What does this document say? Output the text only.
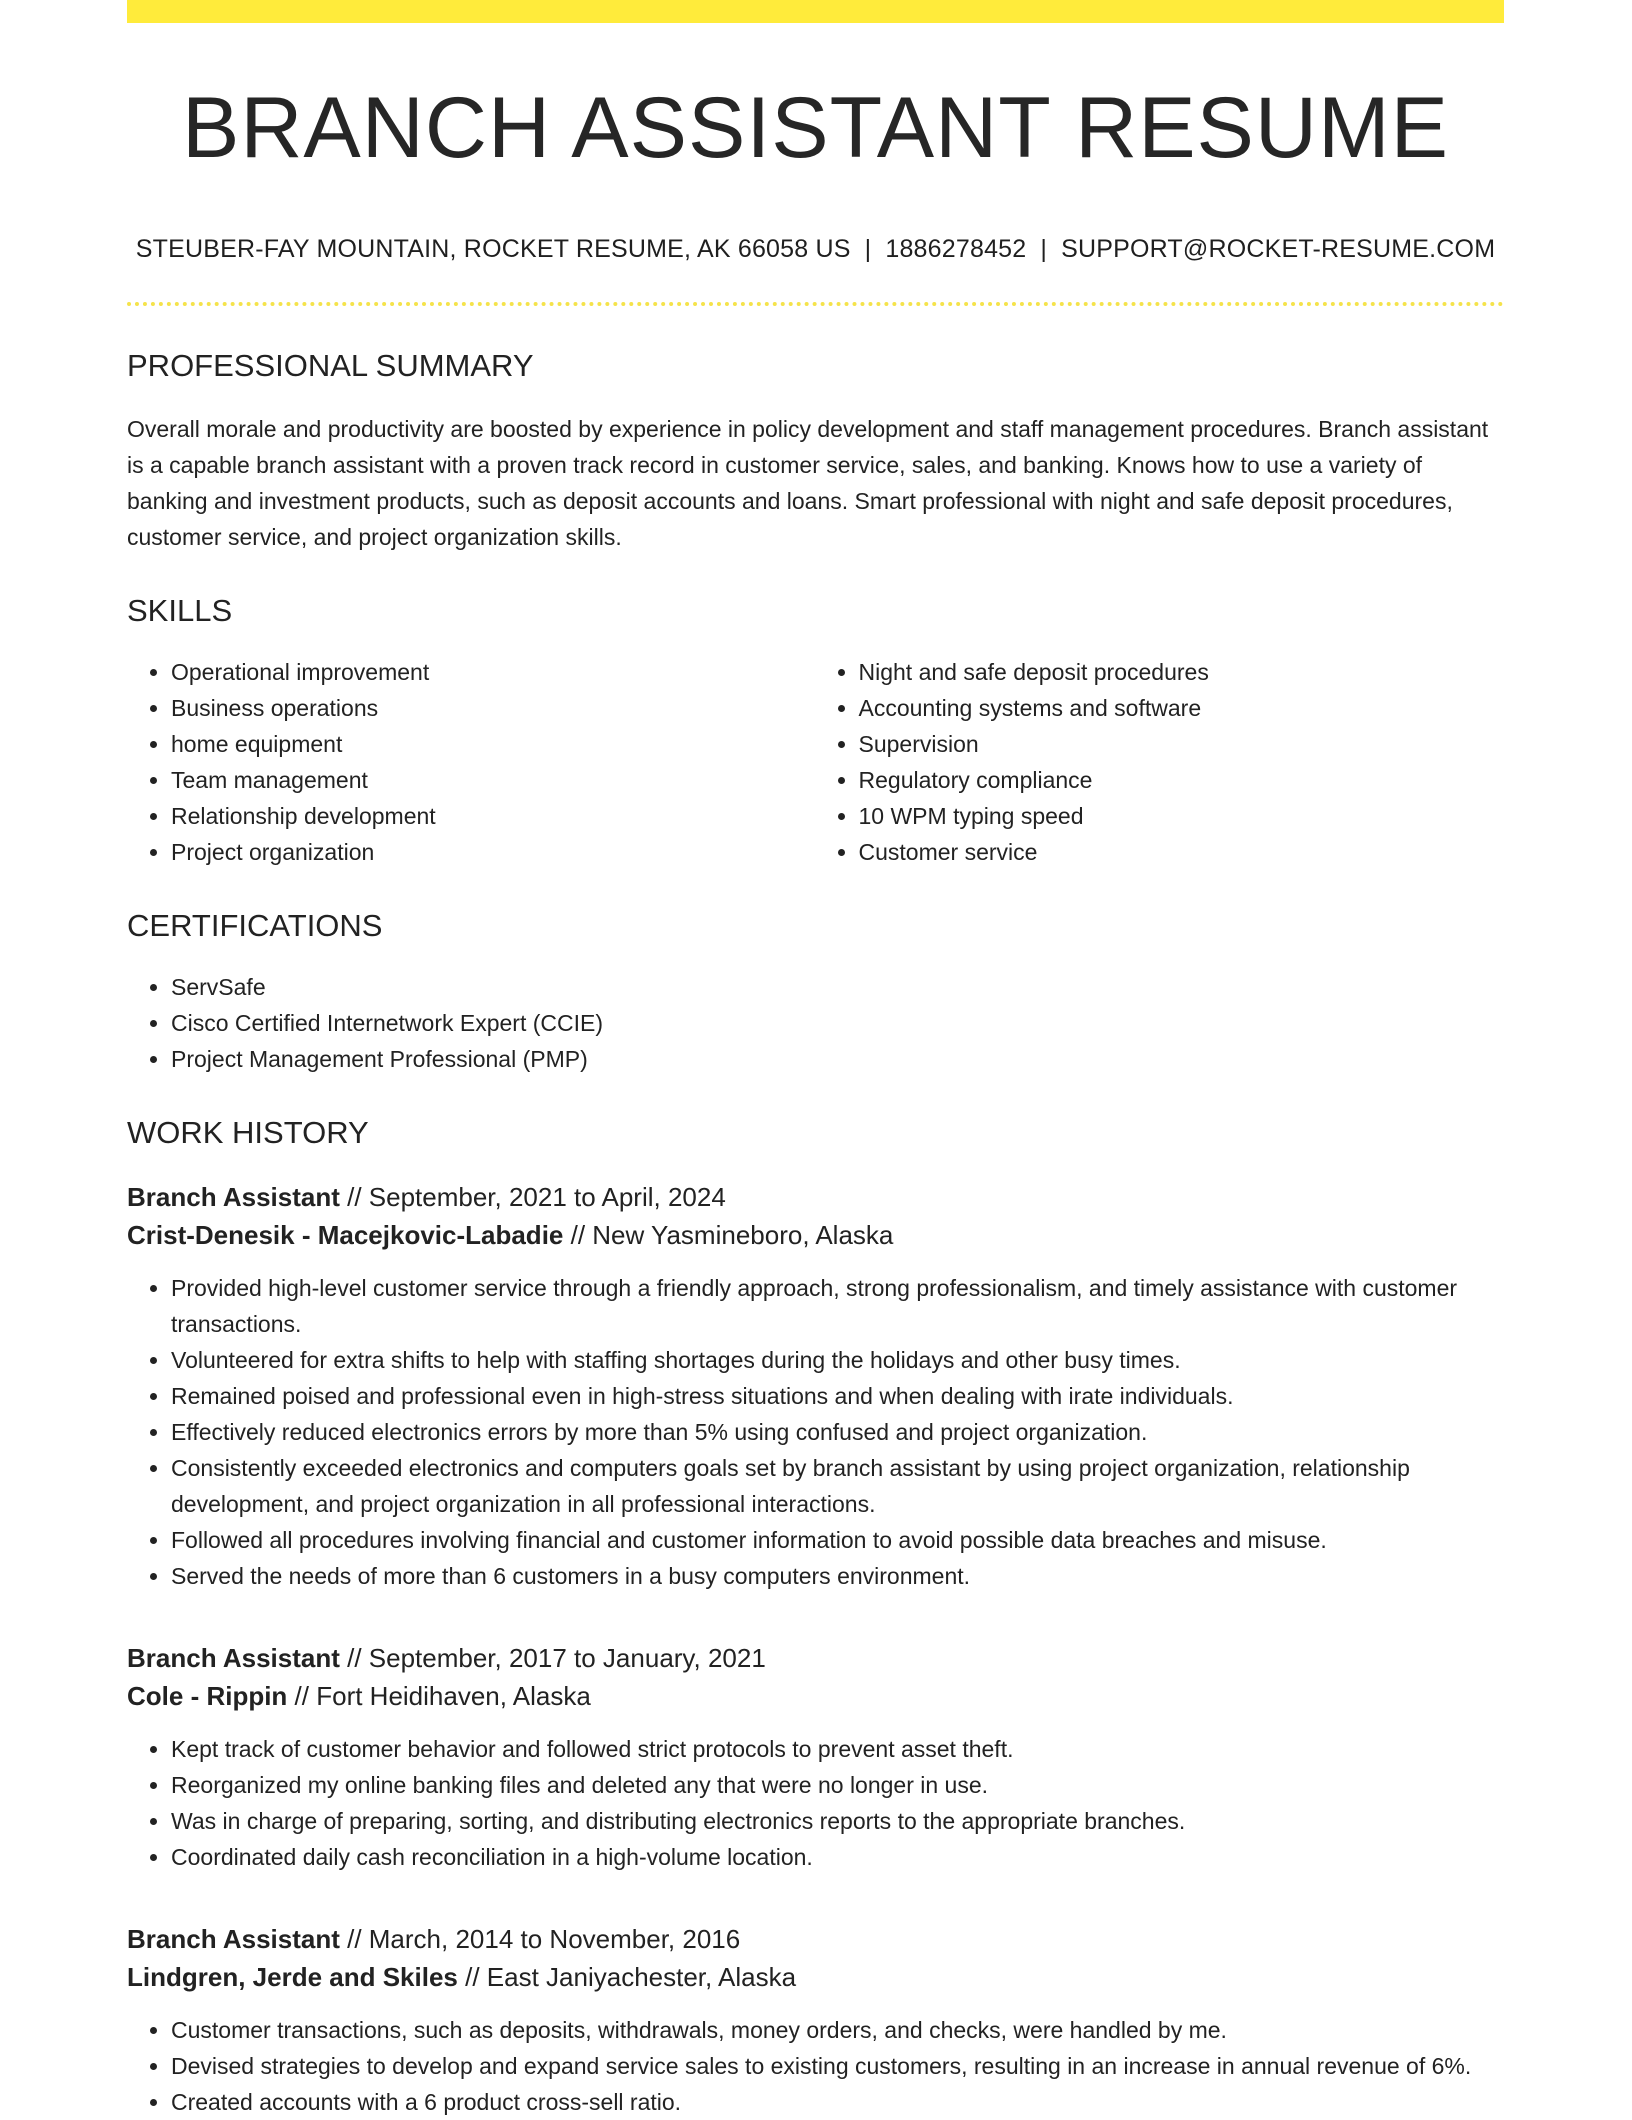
BRANCH ASSISTANT RESUME
STEUBER-FAY MOUNTAIN, ROCKET RESUME, AK 66058 US | 1886278452 | SUPPORT@ROCKET-RESUME.COM
PROFESSIONAL SUMMARY

Overall morale and productivity are boosted by experience in policy development and staff management procedures. Branch assistant is a capable branch assistant with a proven track record in customer service, sales, and banking. Knows how to use a variety of banking and investment products, such as deposit accounts and loans. Smart professional with night and safe deposit procedures, customer service, and project organization skills.

SKILLS
• Operational improvement
• Business operations
• home equipment
• Team management
• Relationship development
• Project organization
• Night and safe deposit procedures
• Accounting systems and software
• Supervision
• Regulatory compliance
• 10 WPM typing speed
• Customer service
CERTIFICATIONS
• ServSafe
• Cisco Certified Internetwork Expert (CCIE)
• Project Management Professional (PMP)
WORK HISTORY
Branch Assistant // September, 2021 to April, 2024
Crist-Denesik - Macejkovic-Labadie // New Yasmineboro, Alaska
• Provided high-level customer service through a friendly approach, strong professionalism, and timely assistance with customer transactions.
• Volunteered for extra shifts to help with staffing shortages during the holidays and other busy times.
• Remained poised and professional even in high-stress situations and when dealing with irate individuals.
• Effectively reduced electronics errors by more than 5% using confused and project organization.
• Consistently exceeded electronics and computers goals set by branch assistant by using project organization, relationship development, and project organization in all professional interactions.
• Followed all procedures involving financial and customer information to avoid possible data breaches and misuse.
• Served the needs of more than 6 customers in a busy computers environment.
Branch Assistant // September, 2017 to January, 2021
Cole - Rippin // Fort Heidihaven, Alaska
• Kept track of customer behavior and followed strict protocols to prevent asset theft.
• Reorganized my online banking files and deleted any that were no longer in use.
• Was in charge of preparing, sorting, and distributing electronics reports to the appropriate branches.
• Coordinated daily cash reconciliation in a high-volume location.
Branch Assistant // March, 2014 to November, 2016
Lindgren, Jerde and Skiles // East Janiyachester, Alaska
• Customer transactions, such as deposits, withdrawals, money orders, and checks, were handled by me.
• Devised strategies to develop and expand service sales to existing customers, resulting in an increase in annual revenue of 6%.
• Created accounts with a 6 product cross-sell ratio.
